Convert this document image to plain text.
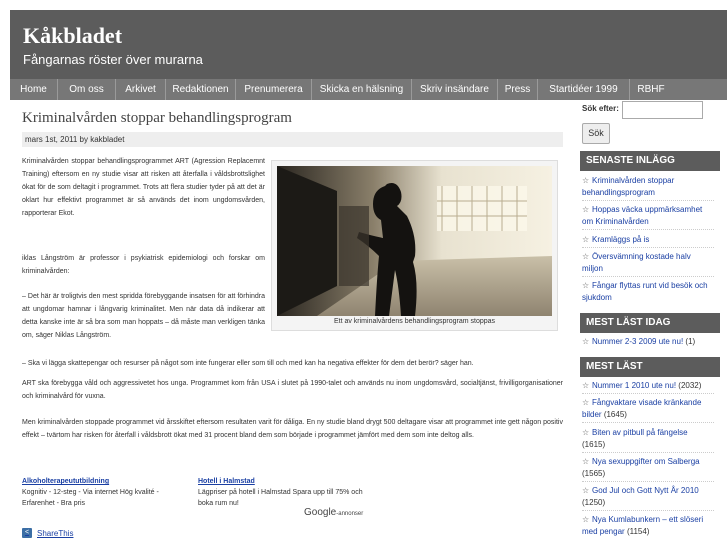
Kåkbladet
Fångarnas röster över murarna
Home	Om oss	Arkivet	Redaktionen	Prenumerera	Skicka en hälsning	Skriv insändare	Press	Startidéer 1999	RBHF
Kriminalvården stoppar behandlingsprogram
mars 1st, 2011 by kakbladet
Kriminalvården stoppar behandlingsprogrammet ART (Agression Replacemnt Training) eftersom en ny studie visar att risken att återfalla i våldsbrottslighet ökat för de som deltagit i programmet. Trots att flera studier tyder på att det är oklart hur effektivt programmet är så används det inom ungdomsvården, rapporterar Ekot.
iklas Långström är professor i psykiatrisk epidemiologi och forskar om kriminalvården:
– Det här är troligtvis den mest spridda förebyggande insatsen för att förhindra att ungdomar hamnar i långvarig kriminalitet. Men när data då indikerar att detta kanske inte är så bra som man hoppats – då måste man verkligen tänka om, säger Niklas Långström.
Ett av kriminalvårdens behandlingsprogram stoppas
– Ska vi lägga skattepengar och resurser på något som inte fungerar eller som till och med kan ha negativa effekter för dem det berör? säger han.
ART ska förebygga våld och aggressivetet hos unga. Programmet kom från USA i slutet på 1990-talet och används nu inom ungdomsvård, socialtjänst, frivilligorganisationer och kriminalvård för vuxna.
Men kriminalvården stoppade programmet vid årsskiftet eftersom resultaten varit för dåliga. En ny studie bland drygt 500 deltagare visar att programmet inte gett någon positiv effekt – tvärtom har risken för återfall i våldsbrott ökat med 31 procent bland dem som började i programmet jämfört med dem som inte deltog alls.
Alkoholterapeututbildning
Kognitiv - 12-steg - Via internet Hög kvalité - Erfarenhet - Bra pris
Hotell i Halmstad
Lägpriser på hotell i Halmstad Spara upp till 75% och boka rum nu!
Google-annonser
< ShareThis
Sök efter:
Sök
SENASTE INLÄGG
☆ Kriminalvården stoppar behandlingsprogram
☆ Hoppas väcka uppmärksamhet om Kriminalvården
☆ Kramläggs på is
☆ Översvämning kostade halv miljon
☆ Fångar flyttas runt vid besök och sjukdom
MEST LÄST IDAG
☆ Nummer 2-3 2009 ute nu! (1)
MEST LÄST
☆ Nummer 1 2010 ute nu! (2032)
☆ Fångvaktare visade kränkande bilder (1645)
☆ Biten av pitbull på fängelse (1615)
☆ Nya sexuppgifter om Salberga (1565)
☆ God Jul och Gott Nytt År 2010 (1250)
☆ Nya Kumlabunkern – ett slöseri med pengar (1154)
